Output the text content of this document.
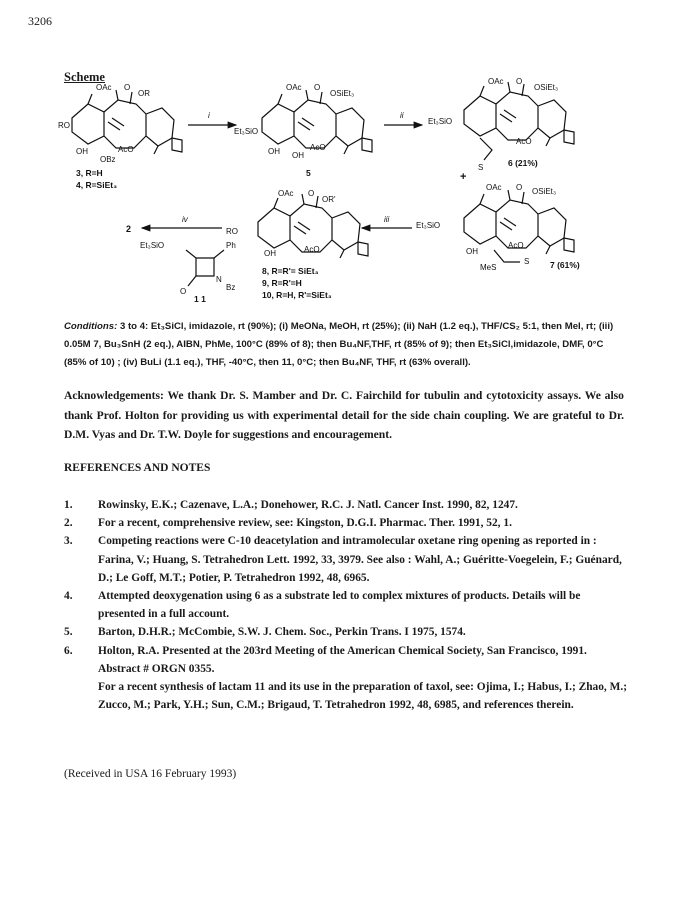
3206
Scheme
OAc O
OR
RO
OH
OBz
AcO
3, R=H
4, R=SiEt₃
i
OAc O
OSiEt₃
Et₃SiO
OH OH
AcO
5
ii
OAc O
OSiEt₃
Et₃SiO
AcO
S	6 (21%)
+
OAc O OSiEt₃
Et₃SiO
OH
AcO
MeS
S 7 (61%)
iii
OAc O
OR'
RO
OH	AcO
8, R=R'= SiEt₃
9, R=R'=H
10, R=H, R'=SiEt₃
iv
2
Et₃SiO	Ph
O
N
Bz
1 1
Conditions: 3 to 4: Et₃SiCl, imidazole, rt (90%); (i) MeONa, MeOH, rt (25%); (ii) NaH (1.2 eq.), THF/CS₂ 5:1, then MeI, rt; (iii) 0.05M 7, Bu₃SnH (2 eq.), AIBN, PhMe, 100°C (89% of 8); then Bu₄NF,THF, rt (85% of 9); then Et₃SiCl,imidazole, DMF, 0°C (85% of 10) ; (iv) BuLi (1.1 eq.), THF, -40°C, then 11, 0°C; then Bu₄NF, THF, rt (63% overall).
Acknowledgements: We thank Dr. S. Mamber and Dr. C. Fairchild for tubulin and cytotoxicity assays. We also thank Prof. Holton for providing us with experimental detail for the side chain coupling. We are grateful to Dr. D.M. Vyas and Dr. T.W. Doyle for suggestions and encouragement.
REFERENCES AND NOTES
1. Rowinsky, E.K.; Cazenave, L.A.; Donehower, R.C. J. Natl. Cancer Inst. 1990, 82, 1247.

2. For a recent, comprehensive review, see: Kingston, D.G.I. Pharmac. Ther. 1991, 52, 1.

3. Competing reactions were C-10 deacetylation and intramolecular oxetane ring opening as reported in : Farina, V.; Huang, S. Tetrahedron Lett. 1992, 33, 3979. See also : Wahl, A.; Guéritte-Voegelein, F.; Guénard, D.; Le Goff, M.T.; Potier, P. Tetrahedron 1992, 48, 6965.

4. Attempted deoxygenation using 6 as a substrate led to complex mixtures of products. Details will be presented in a full account.

5. Barton, D.H.R.; McCombie, S.W. J. Chem. Soc., Perkin Trans. I 1975, 1574.

6. Holton, R.A. Presented at the 203rd Meeting of the American Chemical Society, San Francisco, 1991. Abstract # ORGN 0355.

For a recent synthesis of lactam 11 and its use in the preparation of taxol, see: Ojima, I.; Habus, I.; Zhao, M.; Zucco, M.; Park, Y.H.; Sun, C.M.; Brigaud, T. Tetrahedron 1992, 48, 6985, and references therein.

(Received in USA 16 February 1993)
